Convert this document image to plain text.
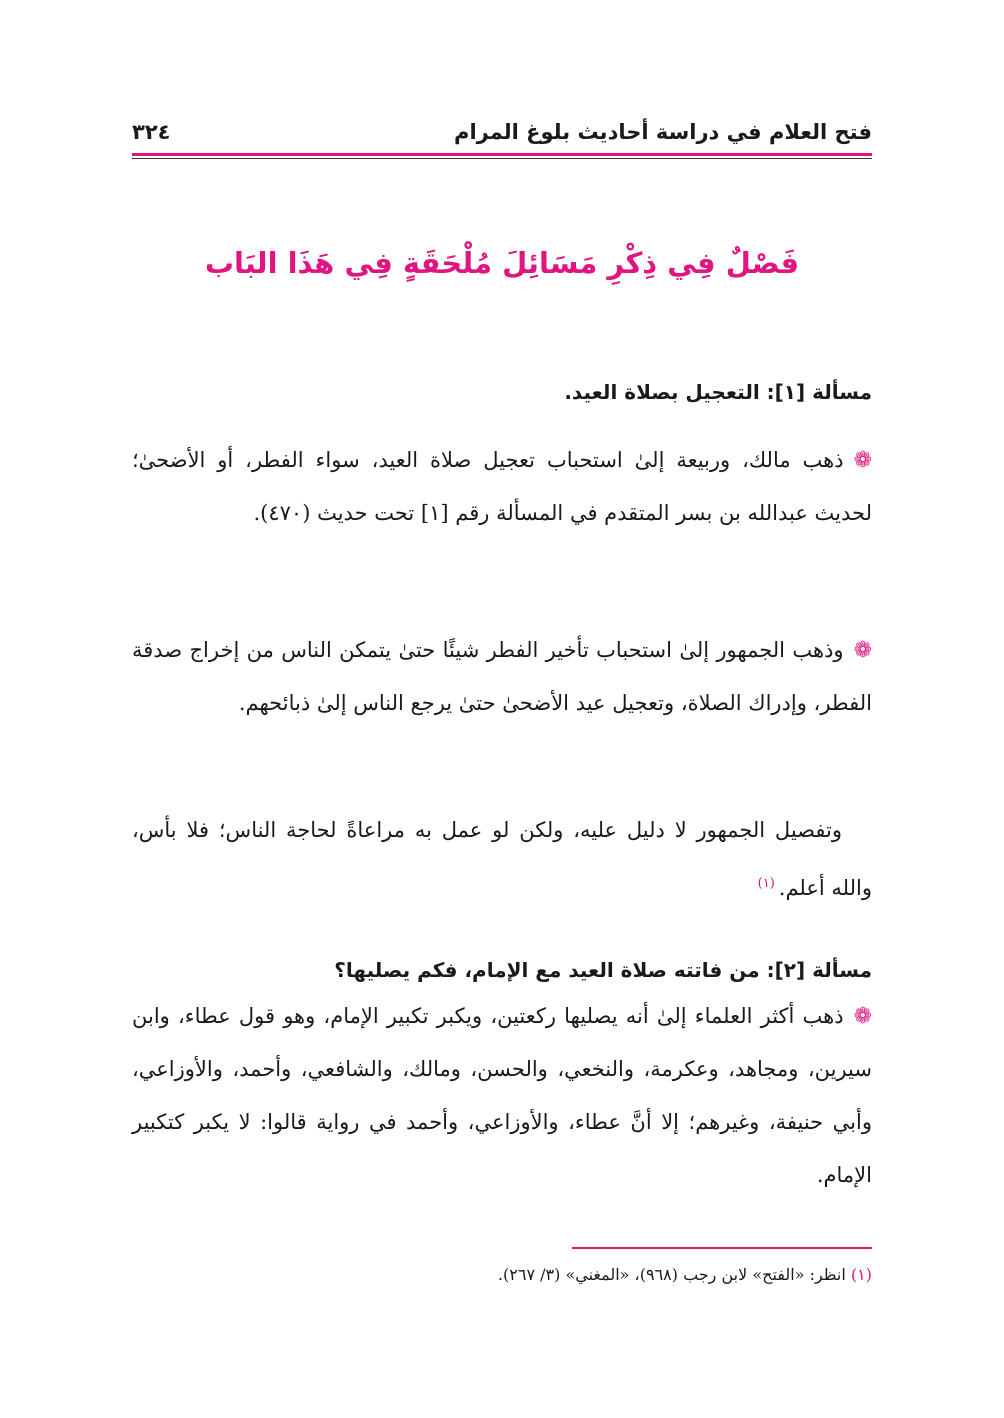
٣٢٤	فتح العلام في دراسة أحاديث بلوغ المرام
فَصْلٌ فِي ذِكْرِ مَسَائِلَ مُلْحَقَةٍ فِي هَذَا البَاب
مسألة [١]: التعجيل بصلاة العيد.
❁ذهب مالك، وربيعة إلىٰ استحباب تعجيل صلاة العيد، سواء الفطر، أو الأضحىٰ؛ لحديث عبدالله بن بسر المتقدم في المسألة رقم [١] تحت حديث (٤٧٠).
❁وذهب الجمهور إلىٰ استحباب تأخير الفطر شيئًا حتىٰ يتمكن الناس من إخراج صدقة الفطر، وإدراك الصلاة، وتعجيل عيد الأضحىٰ حتىٰ يرجع الناس إلىٰ ذبائحهم.
وتفصيل الجمهور لا دليل عليه، ولكن لو عمل به مراعاةً لحاجة الناس؛ فلا بأس، والله أعلم.$^{(١)}$
مسألة [٢]: من فاتته صلاة العيد مع الإمام، فكم يصليها؟
❁ذهب أكثر العلماء إلىٰ أنه يصليها ركعتين، ويكبر تكبير الإمام، وهو قول عطاء، وابن سيرين، ومجاهد، وعكرمة، والنخعي، والحسن، ومالك، والشافعي، وأحمد، والأوزاعي، وأبي حنيفة، وغيرهم؛ إلا أنَّ عطاء، والأوزاعي، وأحمد في رواية قالوا: لا يكبر كتكبير الإمام.
(١) انظر: «الفتح» لابن رجب (٩٦٨)، «المغني» (٣/ ٢٦٧).
